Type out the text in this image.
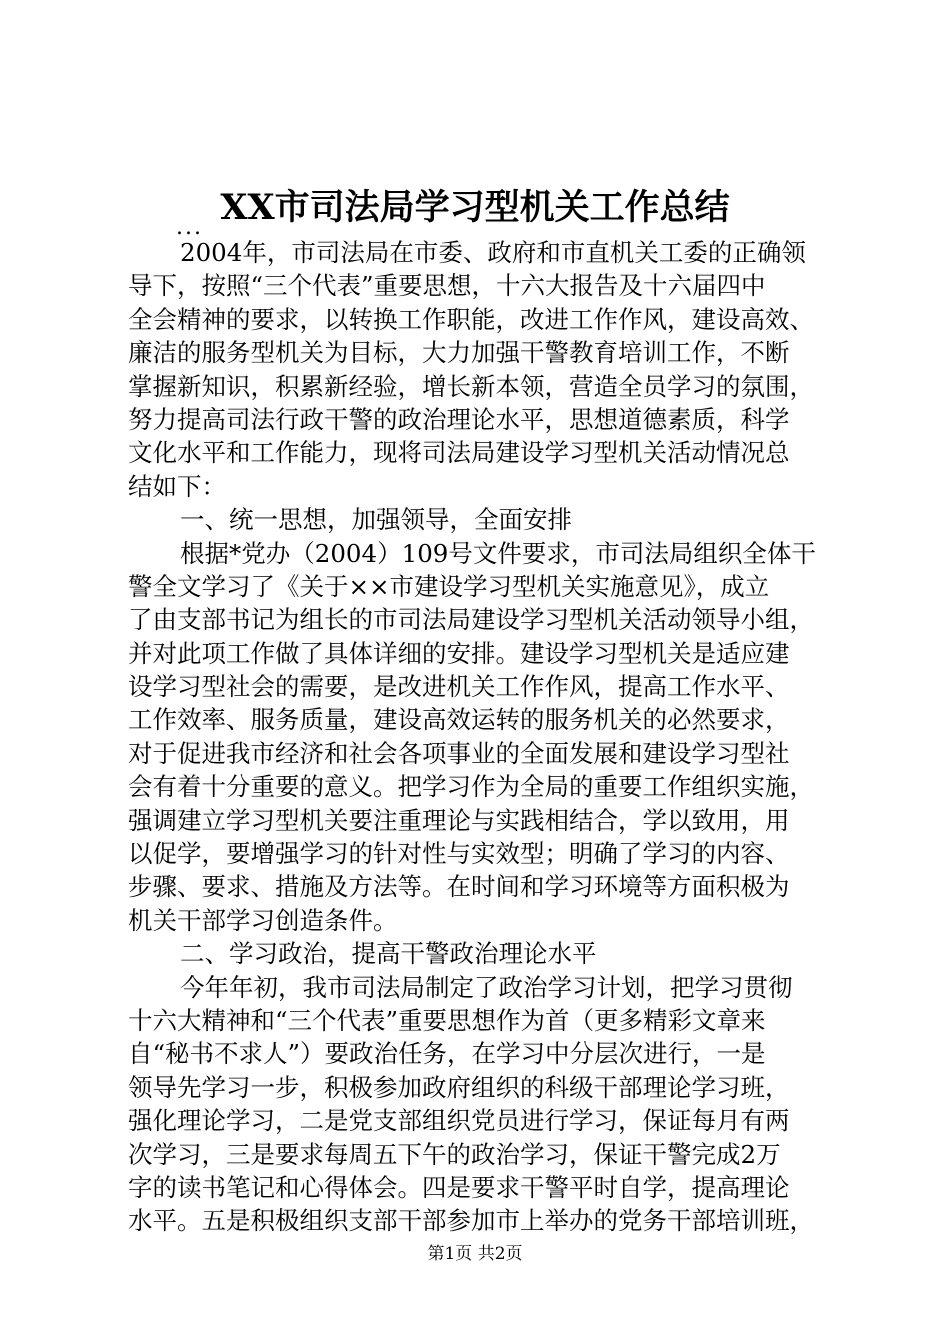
XX市司法局学习型机关工作总结
...
2004年，市司法局在市委、政府和市直机关工委的正确领
导下，按照“三个代表”重要思想，十六大报告及十六届四中
全会精神的要求，以转换工作职能，改进工作作风，建设高效、
廉洁的服务型机关为目标，大力加强干警教育培训工作，不断
掌握新知识，积累新经验，增长新本领，营造全员学习的氛围，
努力提高司法行政干警的政治理论水平，思想道德素质，科学
文化水平和工作能力，现将司法局建设学习型机关活动情况总
结如下：
一、统一思想，加强领导，全面安排
根据*党办（2004）109号文件要求，市司法局组织全体干
警全文学习了《关于××市建设学习型机关实施意见》，成立
了由支部书记为组长的市司法局建设学习型机关活动领导小组，
并对此项工作做了具体详细的安排。建设学习型机关是适应建
设学习型社会的需要，是改进机关工作作风，提高工作水平、
工作效率、服务质量，建设高效运转的服务机关的必然要求，
对于促进我市经济和社会各项事业的全面发展和建设学习型社
会有着十分重要的意义。把学习作为全局的重要工作组织实施，
强调建立学习型机关要注重理论与实践相结合，学以致用，用
以促学，要增强学习的针对性与实效型；明确了学习的内容、
步骤、要求、措施及方法等。在时间和学习环境等方面积极为
机关干部学习创造条件。
二、学习政治，提高干警政治理论水平
今年年初，我市司法局制定了政治学习计划，把学习贯彻
十六大精神和“三个代表”重要思想作为首（更多精彩文章来
自“秘书不求人”）要政治任务，在学习中分层次进行，一是
领导先学习一步，积极参加政府组织的科级干部理论学习班，
强化理论学习，二是党支部组织党员进行学习，保证每月有两
次学习，三是要求每周五下午的政治学习，保证干警完成2万
字的读书笔记和心得体会。四是要求干警平时自学，提高理论
水平。五是积极组织支部干部参加市上举办的党务干部培训班，
第1页 共2页
